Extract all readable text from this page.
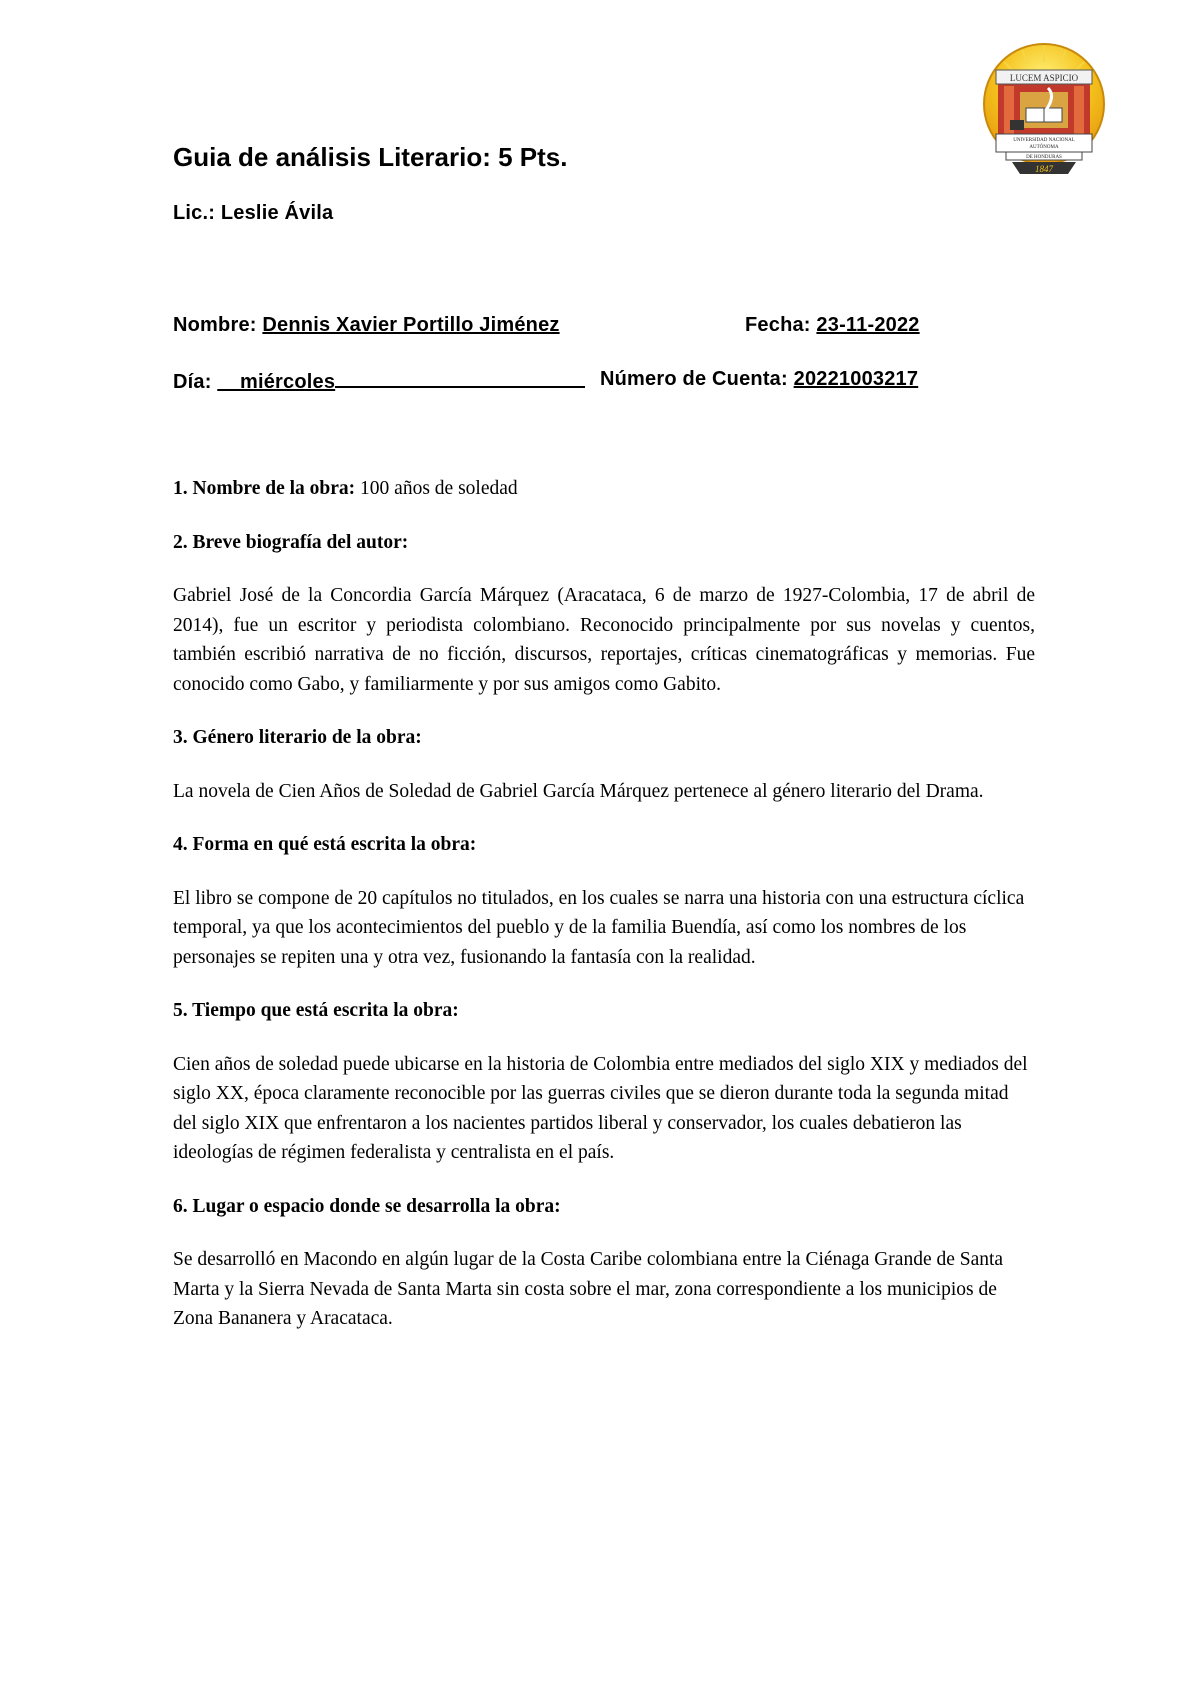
LUCEM ASPICIO
UNIVERSIDAD NACIONAL
AUTÓNOMA
DE HONDURAS
1847
Guia de análisis Literario: 5 Pts.
Lic.: Leslie Ávila
Nombre: Dennis Xavier Portillo Jiménez	Fecha: 23-11-2022
Día: __miércoles	Número de Cuenta: 20221003217

1. Nombre de la obra: 100 años de soledad

2. Breve biografía del autor:

Gabriel José de la Concordia García Márquez (Aracataca, 6 de marzo de 1927-Colombia, 17 de abril de 2014), fue un escritor y periodista colombiano. Reconocido principalmente por sus novelas y cuentos, también escribió narrativa de no ficción, discursos, reportajes, críticas cinematográficas y memorias. Fue conocido como Gabo, y familiarmente y por sus amigos como Gabito.

3. Género literario de la obra:

La novela de Cien Años de Soledad de Gabriel García Márquez pertenece al género literario del Drama.

4. Forma en qué está escrita la obra:

El libro se compone de 20 capítulos no titulados, en los cuales se narra una historia con una estructura cíclica temporal, ya que los acontecimientos del pueblo y de la familia Buendía, así como los nombres de los personajes se repiten una y otra vez, fusionando la fantasía con la realidad.

5. Tiempo que está escrita la obra:

Cien años de soledad puede ubicarse en la historia de Colombia entre mediados del siglo XIX y mediados del siglo XX, época claramente reconocible por las guerras civiles que se dieron durante toda la segunda mitad del siglo XIX que enfrentaron a los nacientes partidos liberal y conservador, los cuales debatieron las ideologías de régimen federalista y centralista en el país.

6. Lugar o espacio donde se desarrolla la obra:

Se desarrolló en Macondo en algún lugar de la Costa Caribe colombiana entre la Ciénaga Grande de Santa Marta y la Sierra Nevada de Santa Marta sin costa sobre el mar, zona correspondiente a los municipios de Zona Bananera y Aracataca.
